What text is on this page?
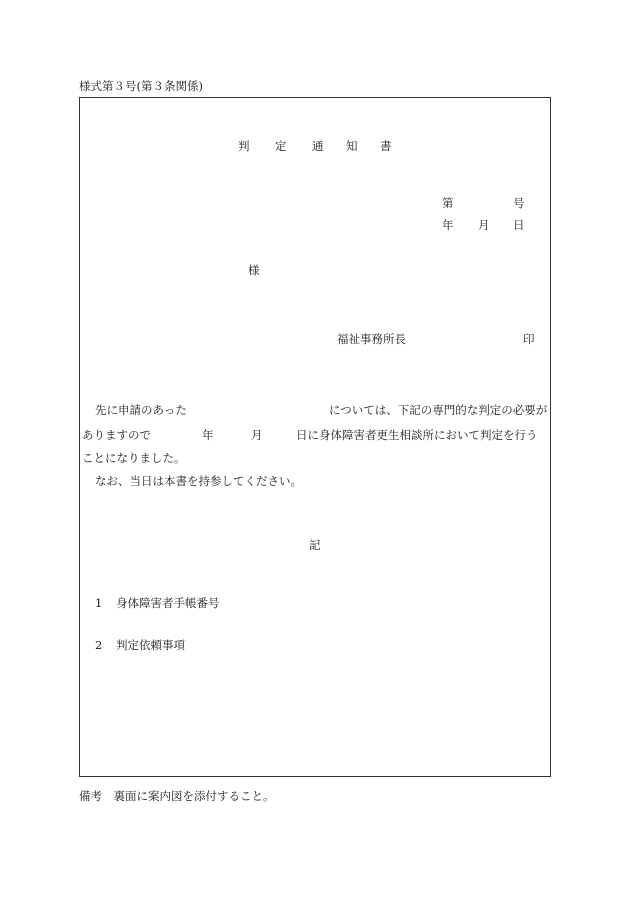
様式第３号(第３条関係)
判 定 通 知 書
第	号
年 月 日
様
福祉事務所長	印
先に申請のあった	については、下記の専門的な判定の必要が
ありますので	年	月	日に身体障害者更生相談所において判定を行う
ことになりました。
なお、当日は本書を持参してください。
記
1 身体障害者手帳番号
2 判定依頼事項
備考　裏面に案内図を添付すること。
